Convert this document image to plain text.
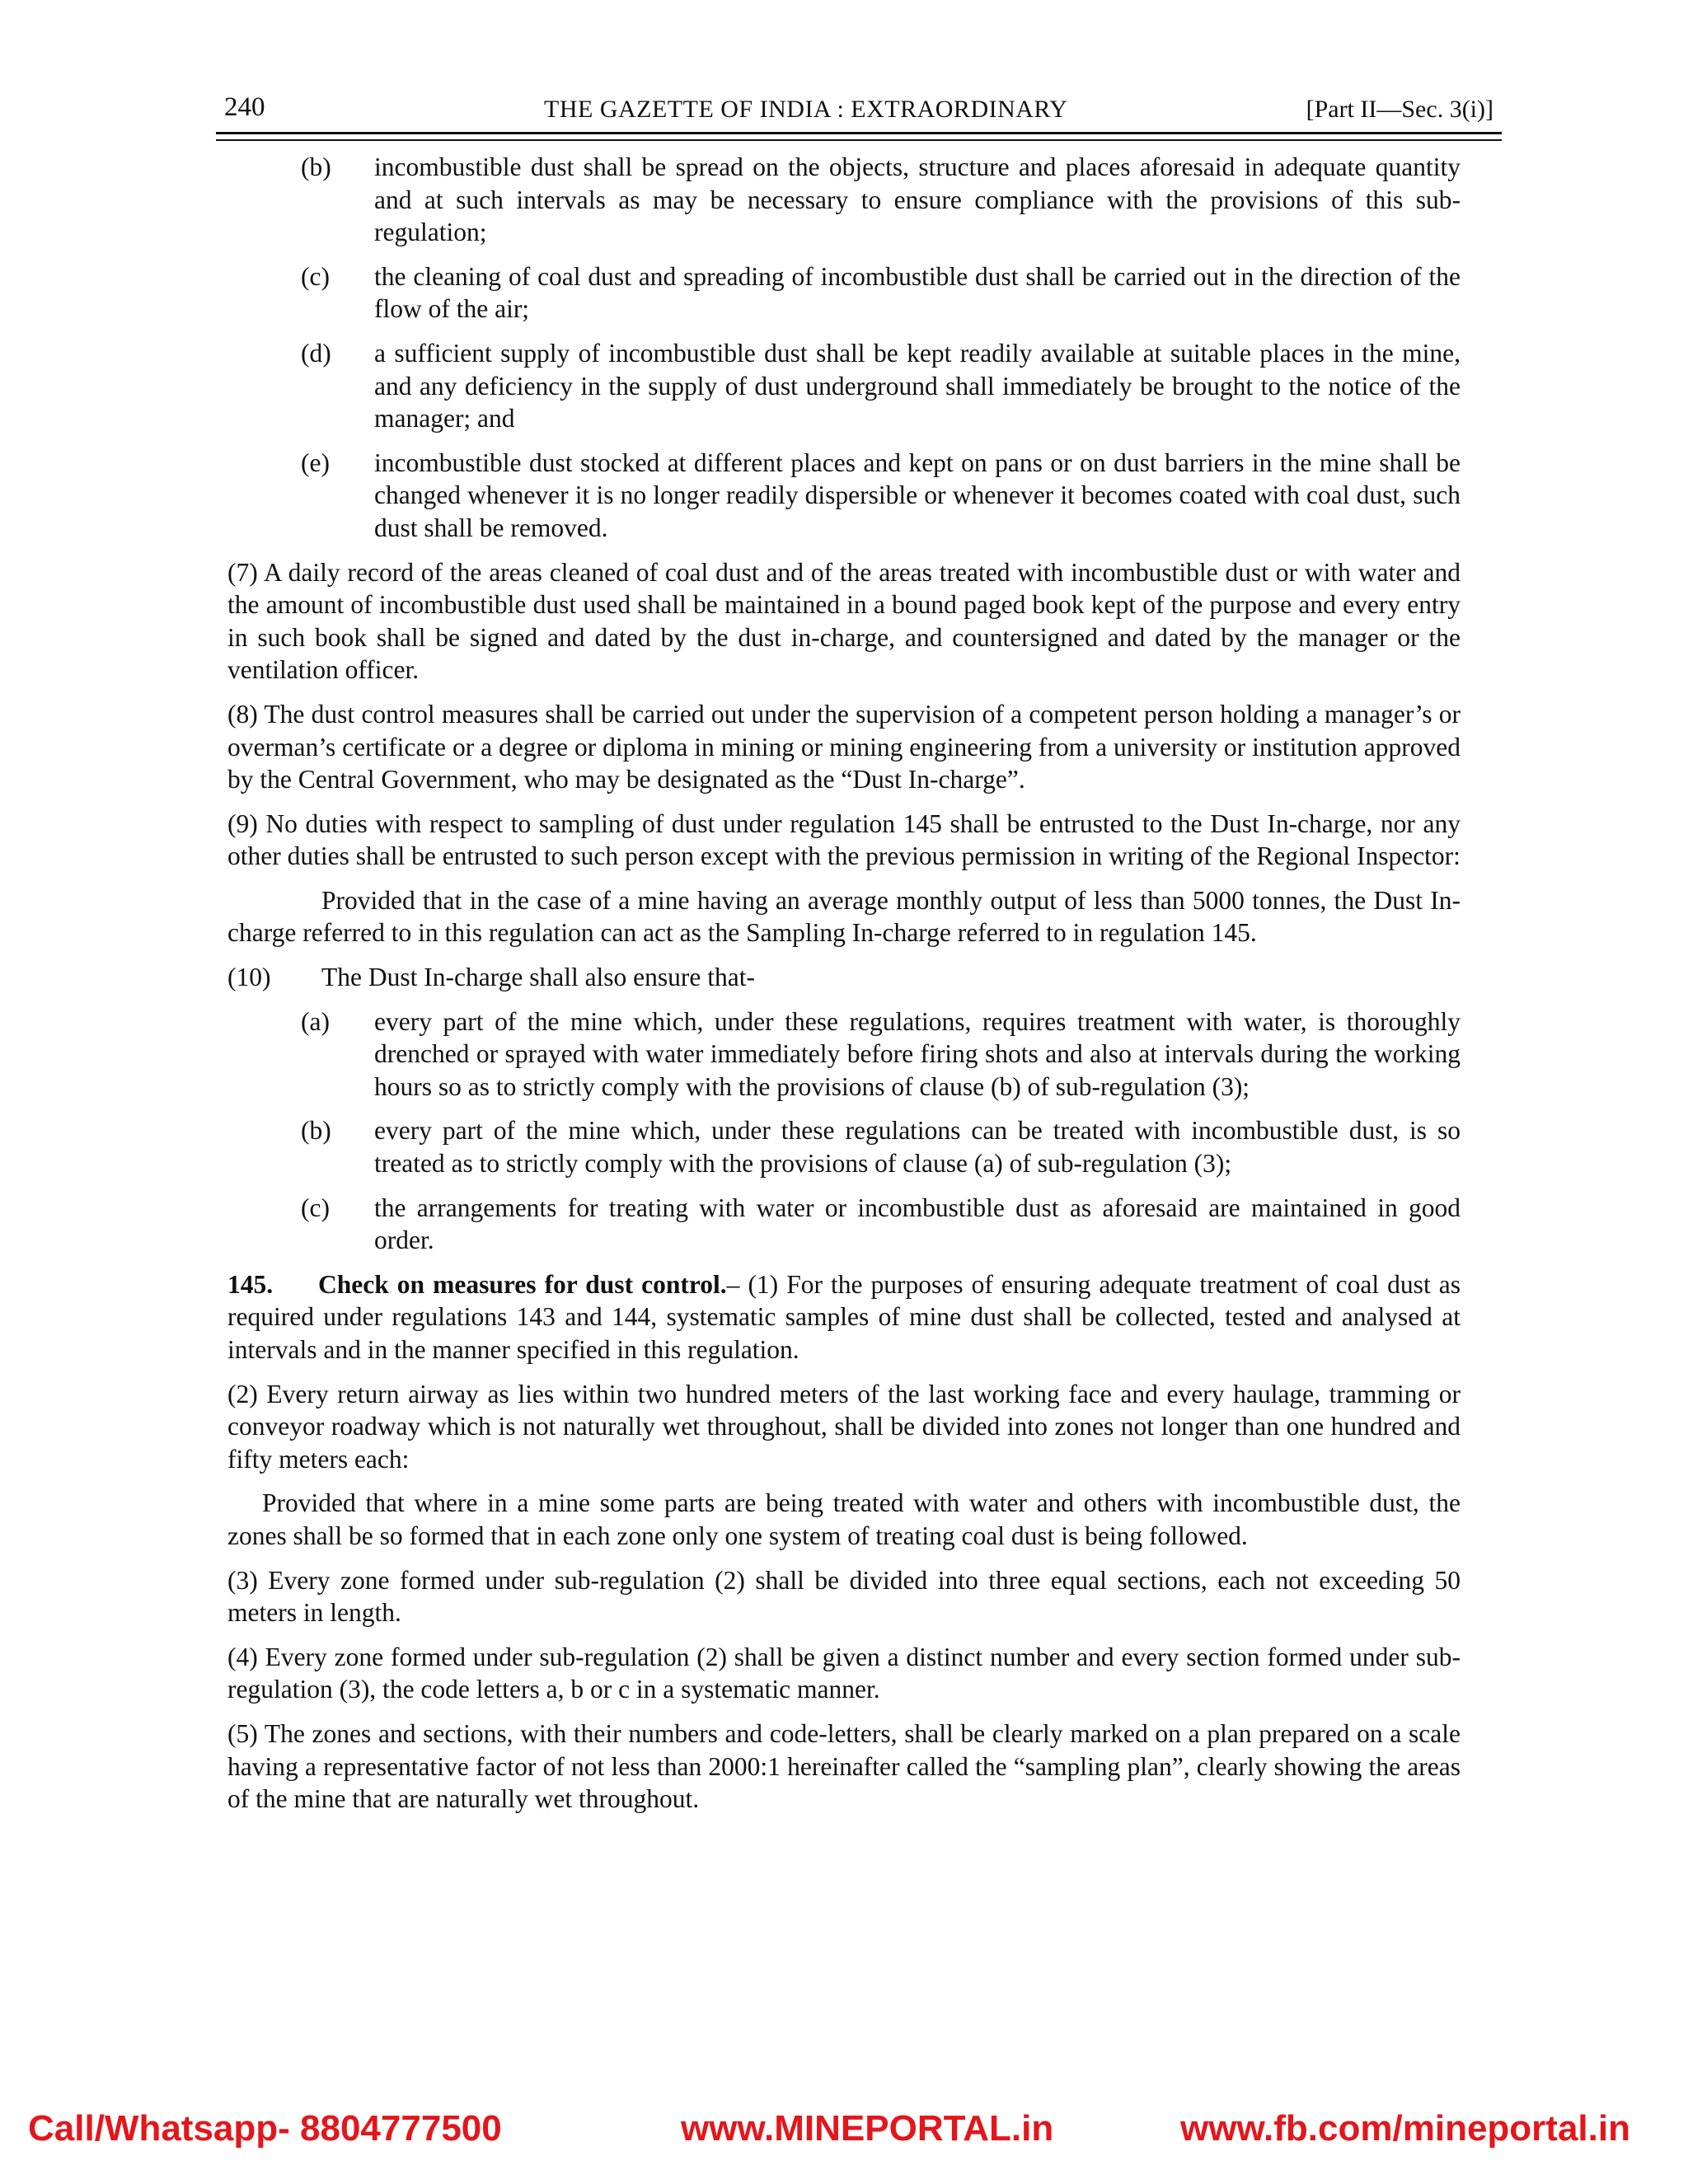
240	THE GAZETTE OF INDIA : EXTRAORDINARY	[Part II—Sec. 3(i)]
(b)	incombustible dust shall be spread on the objects, structure and places aforesaid in adequate quantity and at such intervals as may be necessary to ensure compliance with the provisions of this sub-regulation;
(c)	the cleaning of coal dust and spreading of incombustible dust shall be carried out in the direction of the flow of the air;
(d)	a sufficient supply of incombustible dust shall be kept readily available at suitable places in the mine, and any deficiency in the supply of dust underground shall immediately be brought to the notice of the manager; and
(e)	incombustible dust stocked at different places and kept on pans or on dust barriers in the mine shall be changed whenever it is no longer readily dispersible or whenever it becomes coated with coal dust, such dust shall be removed.

(7) A daily record of the areas cleaned of coal dust and of the areas treated with incombustible dust or with water and the amount of incombustible dust used shall be maintained in a bound paged book kept of the purpose and every entry in such book shall be signed and dated by the dust in-charge, and countersigned and dated by the manager or the ventilation officer.

(8) The dust control measures shall be carried out under the supervision of a competent person holding a manager’s or overman’s certificate or a degree or diploma in mining or mining engineering from a university or institution approved by the Central Government, who may be designated as the “Dust In-charge”.

(9) No duties with respect to sampling of dust under regulation 145 shall be entrusted to the Dust In-charge, nor any other duties shall be entrusted to such person except with the previous permission in writing of the Regional Inspector:

Provided that in the case of a mine having an average monthly output of less than 5000 tonnes, the Dust In-charge referred to in this regulation can act as the Sampling In-charge referred to in regulation 145.

(10)	The Dust In-charge shall also ensure that-
(a)	every part of the mine which, under these regulations, requires treatment with water, is thoroughly drenched or sprayed with water immediately before firing shots and also at intervals during the working hours so as to strictly comply with the provisions of clause (b) of sub-regulation (3);
(b)	every part of the mine which, under these regulations can be treated with incombustible dust, is so treated as to strictly comply with the provisions of clause (a) of sub-regulation (3);
(c)	the arrangements for treating with water or incombustible dust as aforesaid are maintained in good order.

145. Check on measures for dust control.– (1) For the purposes of ensuring adequate treatment of coal dust as required under regulations 143 and 144, systematic samples of mine dust shall be collected, tested and analysed at intervals and in the manner specified in this regulation.

(2) Every return airway as lies within two hundred meters of the last working face and every haulage, tramming or conveyor roadway which is not naturally wet throughout, shall be divided into zones not longer than one hundred and fifty meters each:

Provided that where in a mine some parts are being treated with water and others with incombustible dust, the zones shall be so formed that in each zone only one system of treating coal dust is being followed.

(3) Every zone formed under sub-regulation (2) shall be divided into three equal sections, each not exceeding 50 meters in length.

(4) Every zone formed under sub-regulation (2) shall be given a distinct number and every section formed under sub-regulation (3), the code letters a, b or c in a systematic manner.

(5) The zones and sections, with their numbers and code-letters, shall be clearly marked on a plan prepared on a scale having a representative factor of not less than 2000:1 hereinafter called the “sampling plan”, clearly showing the areas of the mine that are naturally wet throughout.

Call/Whatsapp- 8804777500	www.MINEPORTAL.in	www.fb.com/mineportal.in
